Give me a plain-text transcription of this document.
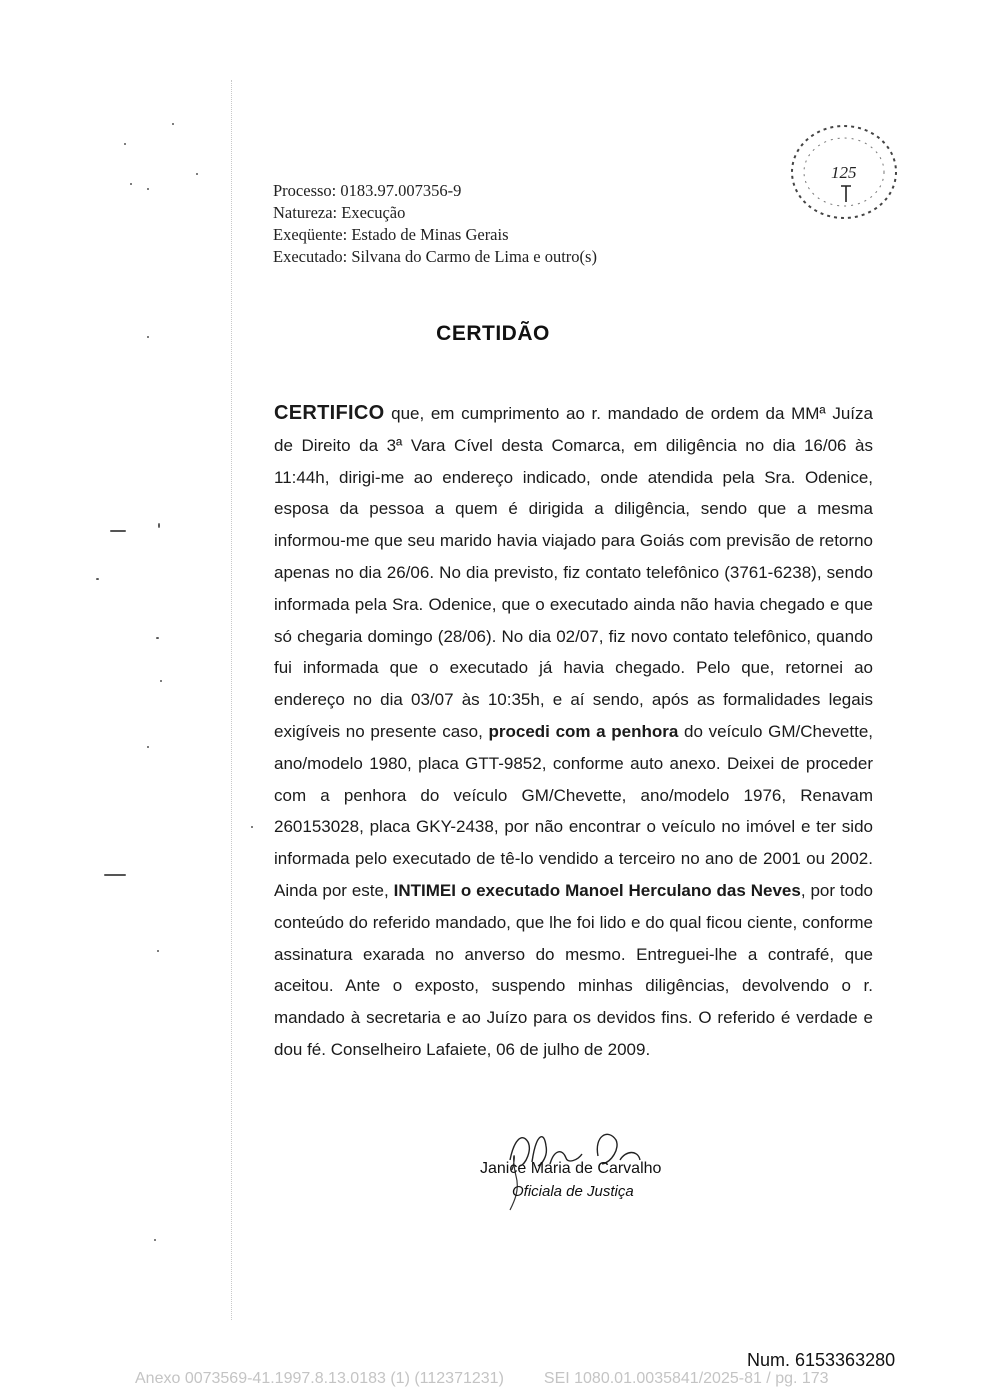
125
Processo: 0183.97.007356-9
Natureza: Execução
Exeqüente: Estado de Minas Gerais
Executado: Silvana do Carmo de Lima e outro(s)
CERTIDÃO
CERTIFICO que, em cumprimento ao r. mandado de ordem da MMª Juíza de Direito da 3ª Vara Cível desta Comarca, em diligência no dia 16/06 às 11:44h, dirigi-me ao endereço indicado, onde atendida pela Sra. Odenice, esposa da pessoa a quem é dirigida a diligência, sendo que a mesma informou-me que seu marido havia viajado para Goiás com previsão de retorno apenas no dia 26/06. No dia previsto, fiz contato telefônico (3761-6238), sendo informada pela Sra. Odenice, que o executado ainda não havia chegado e que só chegaria domingo (28/06). No dia 02/07, fiz novo contato telefônico, quando fui informada que o executado já havia chegado. Pelo que, retornei ao endereço no dia 03/07 às 10:35h, e aí sendo, após as formalidades legais exigíveis no presente caso, procedi com a penhora do veículo GM/Chevette, ano/modelo 1980, placa GTT-9852, conforme auto anexo. Deixei de proceder com a penhora do veículo GM/Chevette, ano/modelo 1976, Renavam 260153028, placa GKY-2438, por não encontrar o veículo no imóvel e ter sido informada pelo executado de tê-lo vendido a terceiro no ano de 2001 ou 2002. Ainda por este, INTIMEI o executado Manoel Herculano das Neves, por todo conteúdo do referido mandado, que lhe foi lido e do qual ficou ciente, conforme assinatura exarada no anverso do mesmo. Entreguei-lhe a contrafé, que aceitou. Ante o exposto, suspendo minhas diligências, devolvendo o r. mandado à secretaria e ao Juízo para os devidos fins. O referido é verdade e dou fé. Conselheiro Lafaiete, 06 de julho de 2009.
Janice Maria de Carvalho
Oficiala de Justiça
Num. 6153363280
Anexo 0073569-41.1997.8.13.0183 (1) (112371231)	SEI 1080.01.0035841/2025-81 / pg. 173
